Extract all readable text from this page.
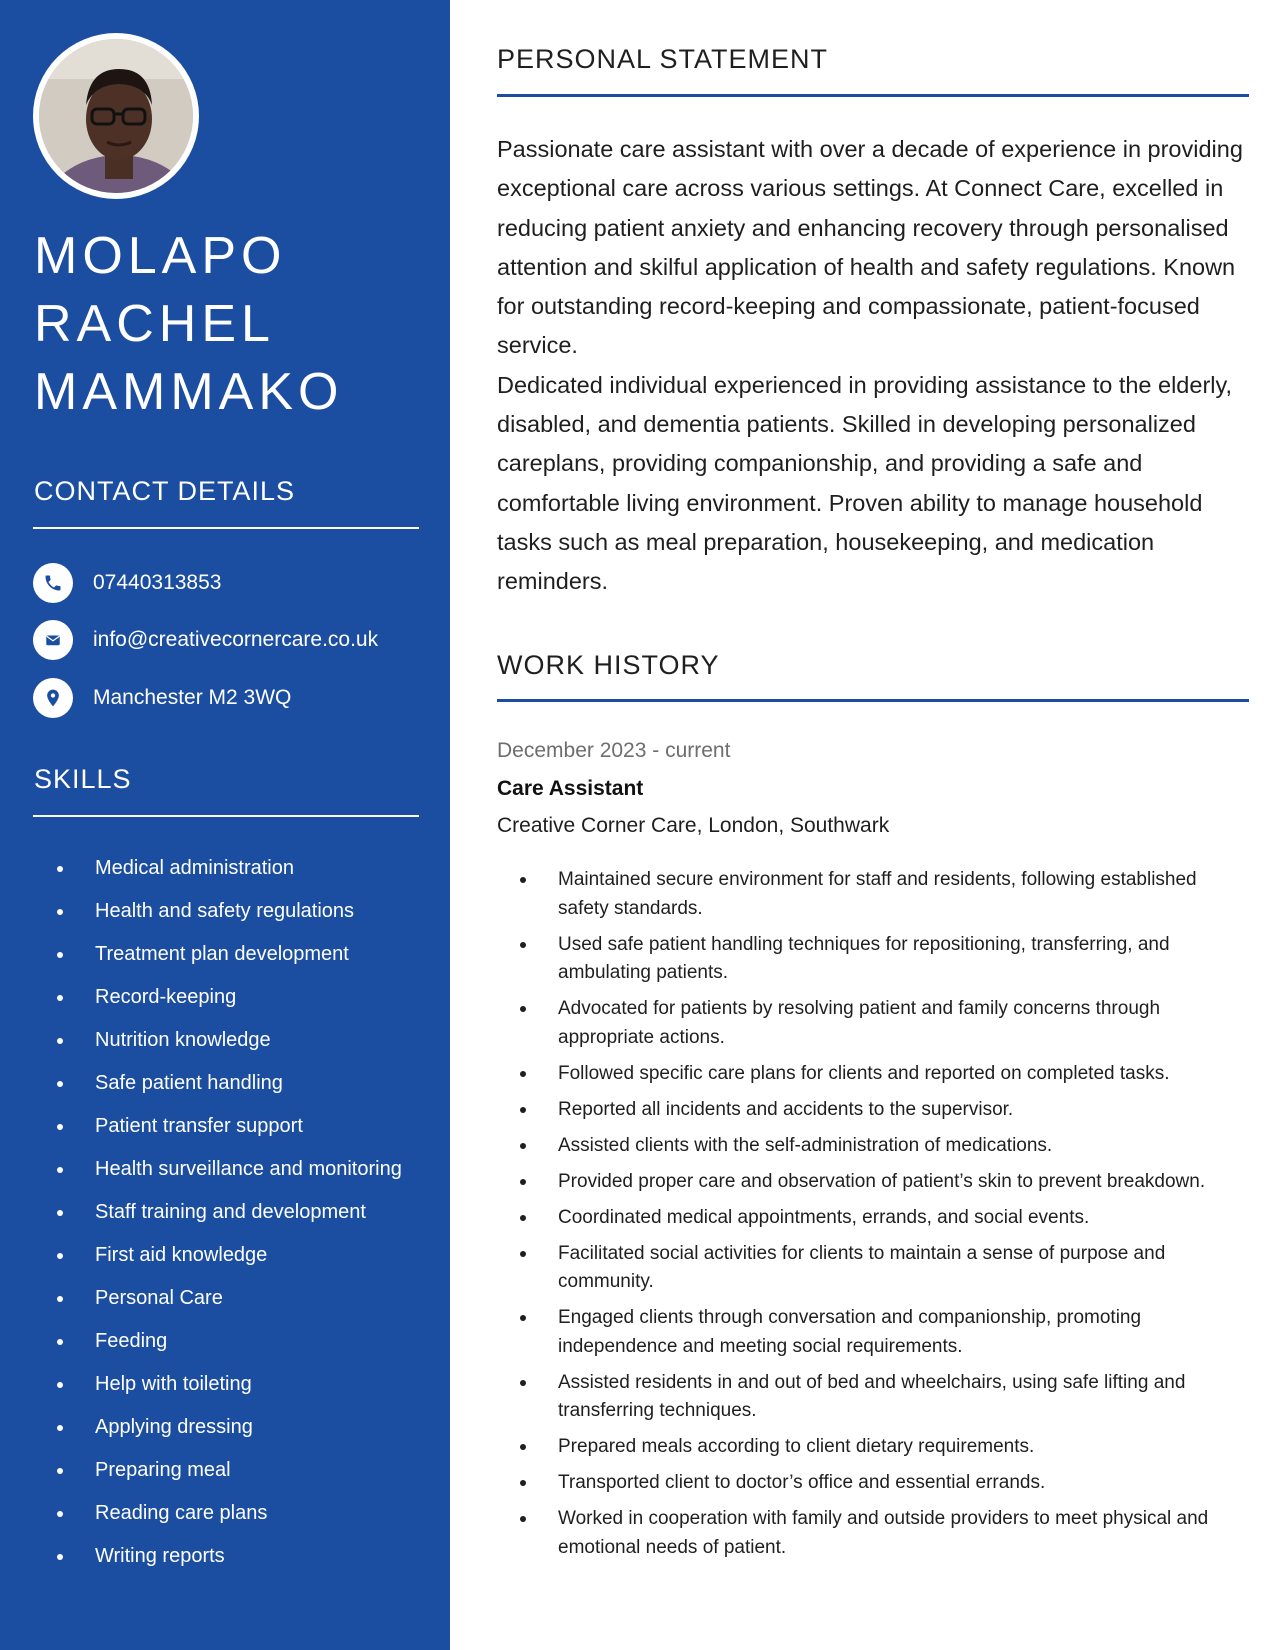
MOLAPO
RACHEL
MAMMAKO
CONTACT DETAILS
07440313853
info@creativecornercare.co.uk
Manchester M2 3WQ
SKILLS
Medical administration
Health and safety regulations
Treatment plan development
Record-keeping
Nutrition knowledge
Safe patient handling
Patient transfer support
Health surveillance and monitoring
Staff training and development
First aid knowledge
Personal Care
Feeding
Help with toileting
Applying dressing
Preparing meal
Reading care plans
Writing reports
PERSONAL STATEMENT

Passionate care assistant with over a decade of experience in providing exceptional care across various settings. At Connect Care, excelled in reducing patient anxiety and enhancing recovery through personalised attention and skilful application of health and safety regulations. Known for outstanding record-keeping and compassionate, patient-focused service.

Dedicated individual experienced in providing assistance to the elderly, disabled, and dementia patients. Skilled in developing personalized careplans, providing companionship, and providing a safe and comfortable living environment. Proven ability to manage household tasks such as meal preparation, housekeeping, and medication reminders.

WORK HISTORY

December 2023 - current

Care Assistant

Creative Corner Care, London, Southwark

Maintained secure environment for staff and residents, following established safety standards.
Used safe patient handling techniques for repositioning, transferring, and ambulating patients.
Advocated for patients by resolving patient and family concerns through appropriate actions.
Followed specific care plans for clients and reported on completed tasks.
Reported all incidents and accidents to the supervisor.
Assisted clients with the self-administration of medications.
Provided proper care and observation of patient’s skin to prevent breakdown.
Coordinated medical appointments, errands, and social events.
Facilitated social activities for clients to maintain a sense of purpose and community.
Engaged clients through conversation and companionship, promoting independence and meeting social requirements.
Assisted residents in and out of bed and wheelchairs, using safe lifting and transferring techniques.
Prepared meals according to client dietary requirements.
Transported client to doctor’s office and essential errands.
Worked in cooperation with family and outside providers to meet physical and emotional needs of patient.
